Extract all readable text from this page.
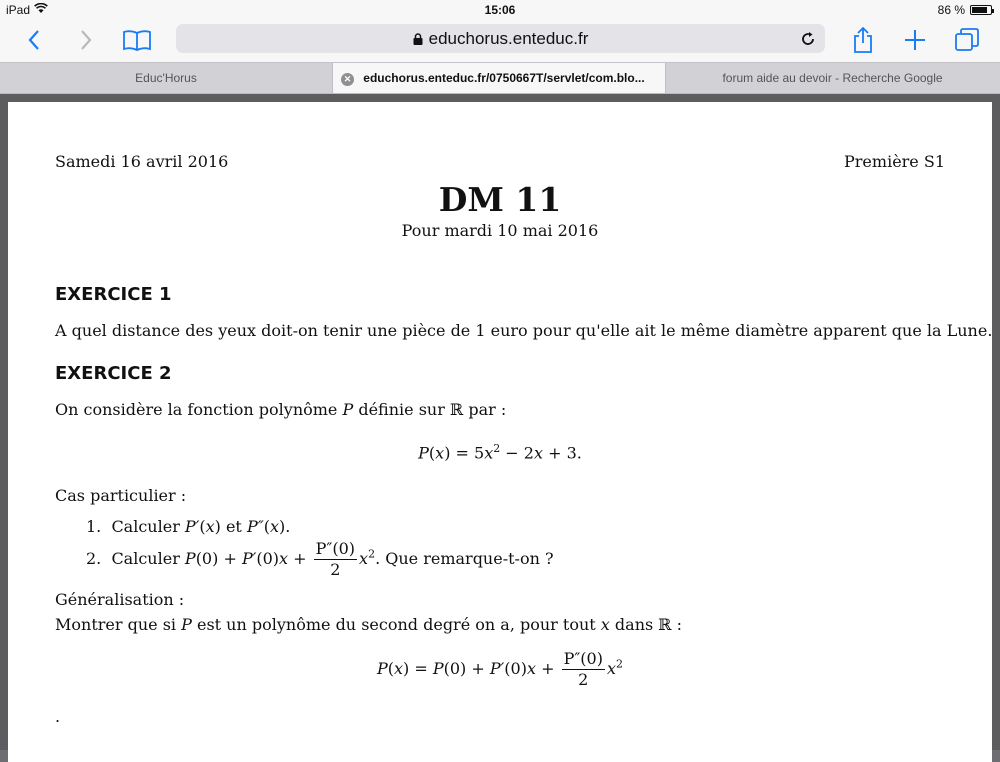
iPad	15:06	86 %
educhorus.enteduc.fr
Educ'Horus	✕ educhorus.enteduc.fr/0750667T/servlet/com.blo...	forum aide au devoir - Recherche Google
Samedi 16 avril 2016	Première S1
DM 11
Pour mardi 10 mai 2016
EXERCICE 1
A quel distance des yeux doit-on tenir une pièce de 1 euro pour qu'elle ait le même diamètre apparent que la Lune.
EXERCICE 2
On considère la fonction polynôme P définie sur ℝ par :
$P(x) = 5x^2 - 2x + 3$.
Cas particulier :
1. Calculer P′(x) et P″(x).
2. Calculer $P(0) + P'(0)x + \frac{P''(0)}{2} x^2$. Que remarque-t-on ?
Généralisation :
Montrer que si P est un polynôme du second degré on a, pour tout x dans ℝ :
$P(x) = P(0) + P'(0)x + \frac{P''(0)}{2} x^2$
.
